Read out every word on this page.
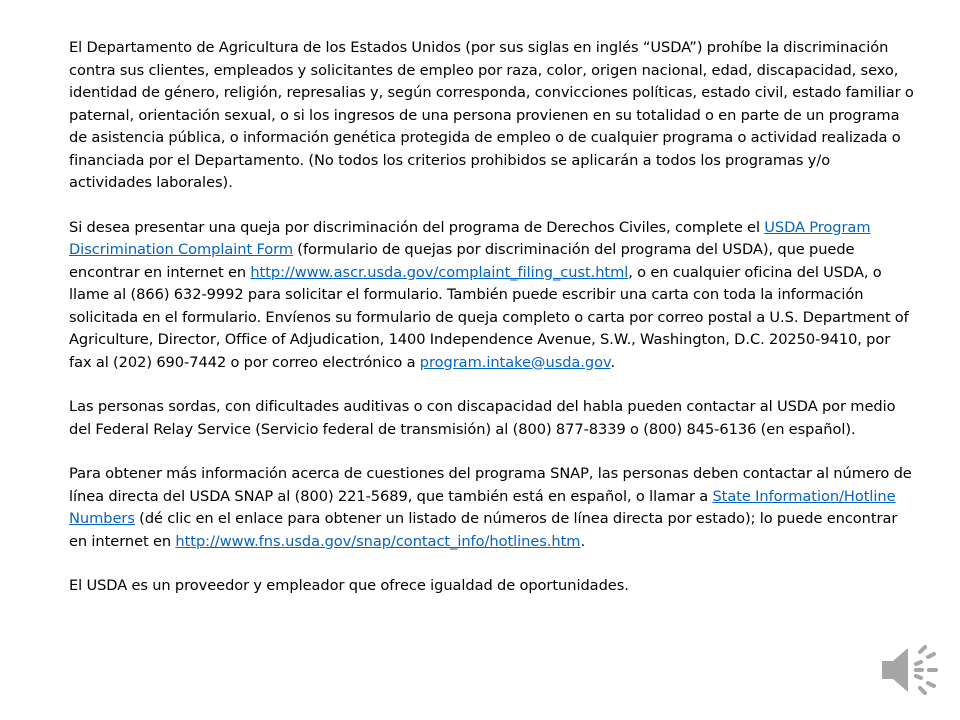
El Departamento de Agricultura de los Estados Unidos (por sus siglas en inglés “USDA”) prohíbe la discriminación contra sus clientes, empleados y solicitantes de empleo por raza, color, origen nacional, edad, discapacidad, sexo, identidad de género, religión, represalias y, según corresponda, convicciones políticas, estado civil, estado familiar o paternal, orientación sexual, o si los ingresos de una persona provienen en su totalidad o en parte de un programa de asistencia pública, o información genética protegida de empleo o de cualquier programa o actividad realizada o financiada por el Departamento. (No todos los criterios prohibidos se aplicarán a todos los programas y/o actividades laborales).

Si desea presentar una queja por discriminación del programa de Derechos Civiles, complete el USDA Program Discrimination Complaint Form (formulario de quejas por discriminación del programa del USDA), que puede encontrar en internet en http://www.ascr.usda.gov/complaint_filing_cust.html, o en cualquier oficina del USDA, o llame al (866) 632-9992 para solicitar el formulario. También puede escribir una carta con toda la información solicitada en el formulario. Envíenos su formulario de queja completo o carta por correo postal a U.S. Department of Agriculture, Director, Office of Adjudication, 1400 Independence Avenue, S.W., Washington, D.C. 20250-9410, por fax al (202) 690-7442 o por correo electrónico a program.intake@usda.gov.

Las personas sordas, con dificultades auditivas o con discapacidad del habla pueden contactar al USDA por medio del Federal Relay Service (Servicio federal de transmisión) al (800) 877-8339 o (800) 845-6136 (en español).

Para obtener más información acerca de cuestiones del programa SNAP, las personas deben contactar al número de línea directa del USDA SNAP al (800) 221-5689, que también está en español, o llamar a State Information/Hotline Numbers (dé clic en el enlace para obtener un listado de números de línea directa por estado); lo puede encontrar en internet en http://www.fns.usda.gov/snap/contact_info/hotlines.htm.

El USDA es un proveedor y empleador que ofrece igualdad de oportunidades.
